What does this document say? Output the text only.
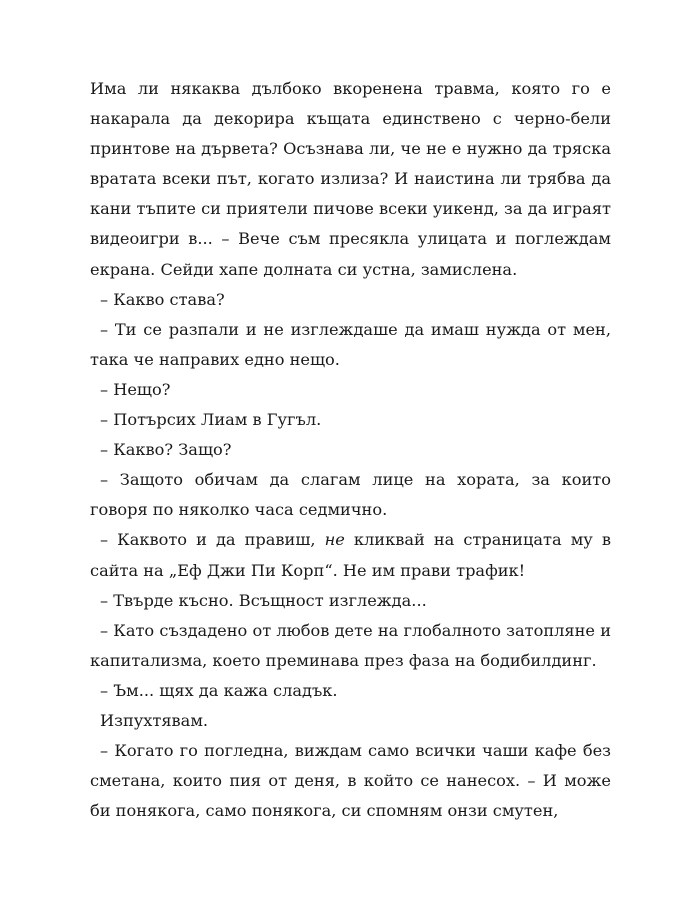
Има ли някаква дълбоко вкоренена травма, която го е накарала да декорира къщата единствено с черно-бели принтове на дървета? Осъзнава ли, че не е нужно да тряска вратата всеки път, когато излиза? И наистина ли трябва да кани тъпите си приятели пичове всеки уикенд, за да играят видеоигри в... – Вече съм пресякла улицата и поглеждам екрана. Сейди хапе долната си устна, замислена.

– Какво става?

– Ти се разпали и не изглеждаше да имаш нужда от мен, така че направих едно нещо.

– Нещо?

– Потърсих Лиам в Гугъл.

– Какво? Защо?

– Защото обичам да слагам лице на хората, за които говоря по няколко часа седмично.

– Каквото и да правиш, не кликвай на страницата му в сайта на „Еф Джи Пи Корп“. Не им прави трафик!

– Твърде късно. Всъщност изглежда...

– Като създадено от любов дете на глобалното затопляне и капитализма, което преминава през фаза на бодибилдинг.

– Ъм... щях да кажа сладък.

Изпухтявам.

– Когато го погледна, виждам само всички чаши кафе без сметана, които пия от деня, в който се нанесох. – И може би понякога, само понякога, си спомням онзи смутен,
